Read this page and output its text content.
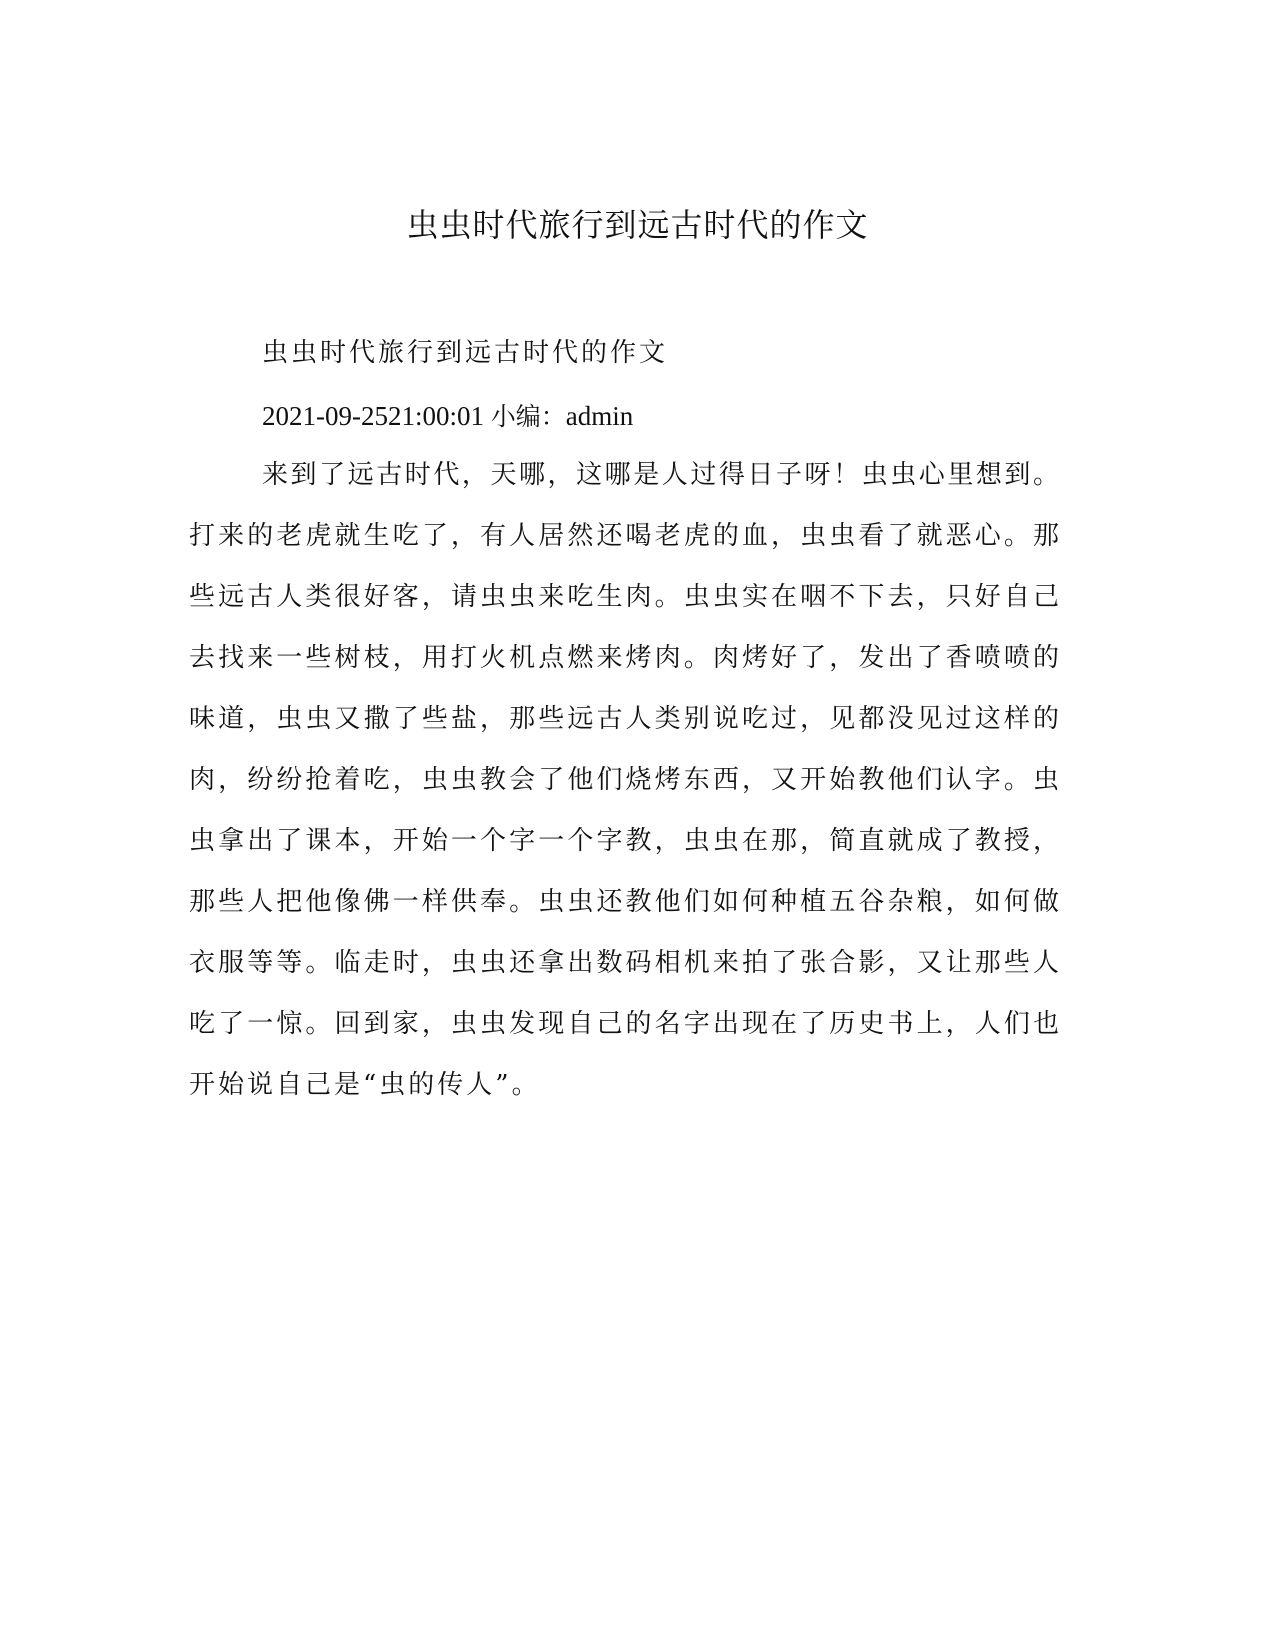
虫虫时代旅行到远古时代的作文

虫虫时代旅行到远古时代的作文

2021-09-2521:00:01 小编：admin

来到了远古时代，天哪，这哪是人过得日子呀！虫虫心里想到。
打来的老虎就生吃了，有人居然还喝老虎的血，虫虫看了就恶心。那
些远古人类很好客，请虫虫来吃生肉。虫虫实在咽不下去，只好自己
去找来一些树枝，用打火机点燃来烤肉。肉烤好了，发出了香喷喷的
味道，虫虫又撒了些盐，那些远古人类别说吃过，见都没见过这样的
肉，纷纷抢着吃，虫虫教会了他们烧烤东西，又开始教他们认字。虫
虫拿出了课本，开始一个字一个字教，虫虫在那，简直就成了教授，
那些人把他像佛一样供奉。虫虫还教他们如何种植五谷杂粮，如何做
衣服等等。临走时，虫虫还拿出数码相机来拍了张合影，又让那些人
吃了一惊。回到家，虫虫发现自己的名字出现在了历史书上，人们也
开始说自己是“虫的传人”。
